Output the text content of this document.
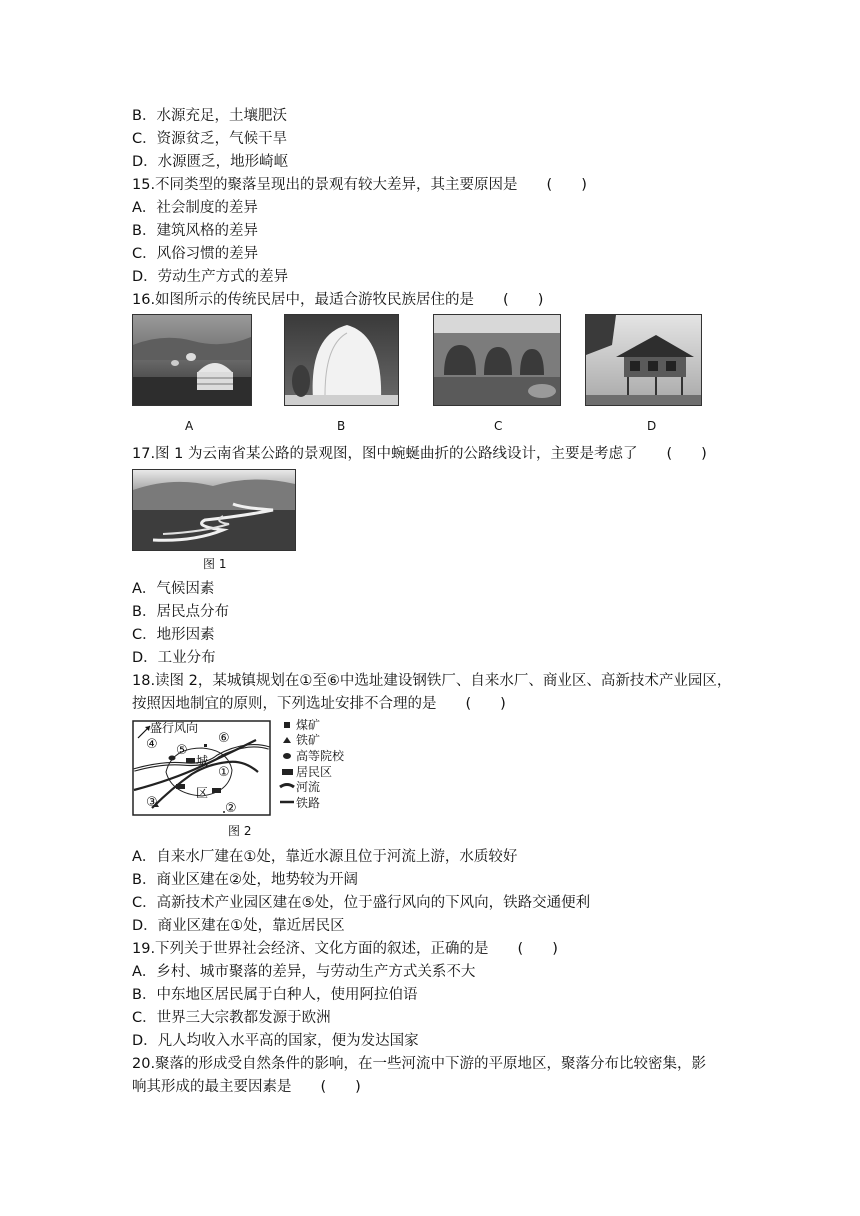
B．水源充足，土壤肥沃
C．资源贫乏，气候干旱
D．水源匮乏，地形崎岖
15.不同类型的聚落呈现出的景观有较大差异，其主要原因是　　(　　)
A．社会制度的差异
B．建筑风格的差异
C．风俗习惯的差异
D．劳动生产方式的差异
16.如图所示的传统民居中，最适合游牧民族居住的是　　(　　)
A	B	C	D
17.图 1 为云南省某公路的景观图，图中蜿蜒曲折的公路线设计，主要是考虑了　　(　　)
图 1
A．气候因素
B．居民点分布
C．地形因素
D．工业分布
18.读图 2，某城镇规划在①至⑥中选址建设钢铁厂、自来水厂、商业区、高新技术产业园区，
按照因地制宜的原则，下列选址安排不合理的是　　(　　)
盛行风向
城
区
①
②
③
④ ⑤
⑥
煤矿
铁矿
高等院校
居民区
河流
铁路
图 2
A．自来水厂建在①处，靠近水源且位于河流上游，水质较好
B．商业区建在②处，地势较为开阔
C．高新技术产业园区建在⑤处，位于盛行风向的下风向，铁路交通便利
D．商业区建在①处，靠近居民区
19.下列关于世界社会经济、文化方面的叙述，正确的是　　(　　)
A．乡村、城市聚落的差异，与劳动生产方式关系不大
B．中东地区居民属于白种人，使用阿拉伯语
C．世界三大宗教都发源于欧洲
D．凡人均收入水平高的国家，便为发达国家
20.聚落的形成受自然条件的影响，在一些河流中下游的平原地区，聚落分布比较密集，影
响其形成的最主要因素是　　(　　)
